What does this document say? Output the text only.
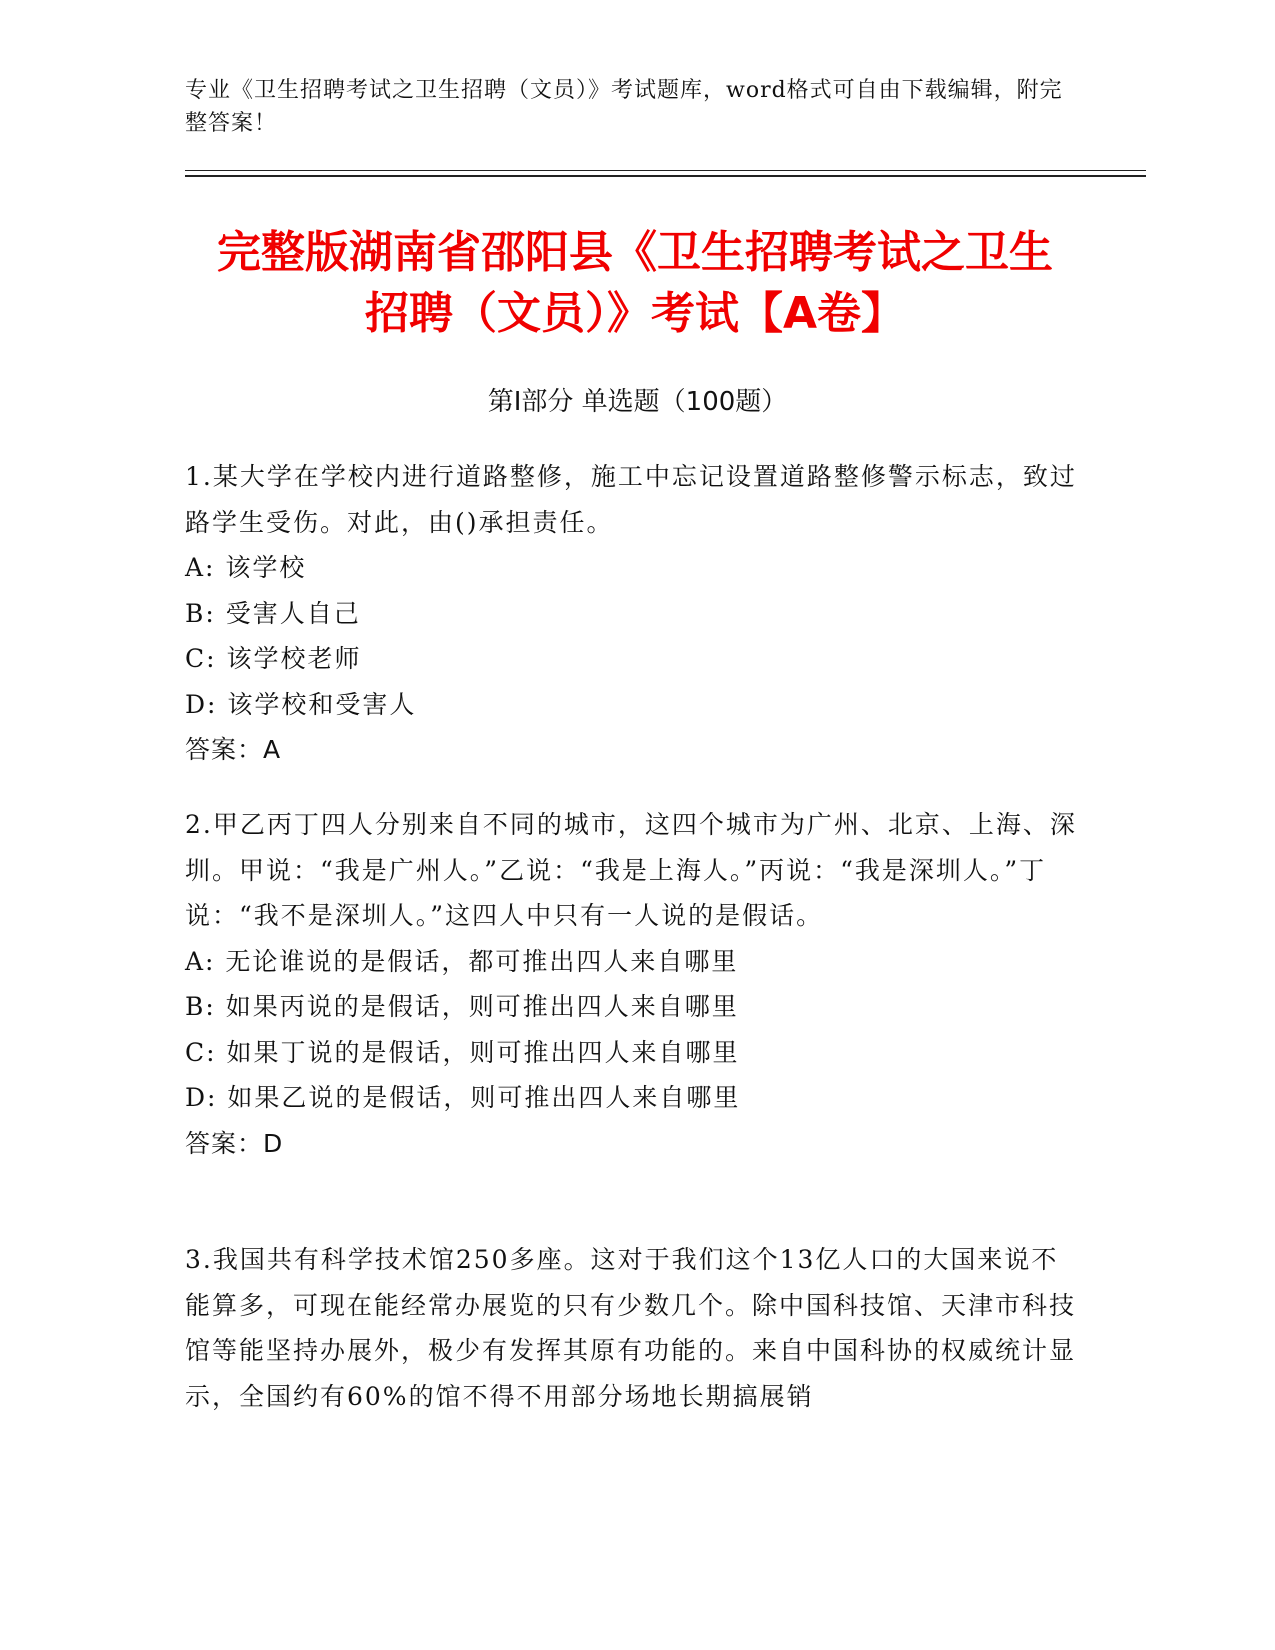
专业《卫生招聘考试之卫生招聘（文员）》考试题库，word格式可自由下载编辑，附完整答案！
完整版湖南省邵阳县《卫生招聘考试之卫生
招聘（文员）》考试【A卷】
第I部分 单选题（100题）

1.某大学在学校内进行道路整修，施工中忘记设置道路整修警示标志，致过路学生受伤。对此，由()承担责任。

A: 该学校

B: 受害人自己

C: 该学校老师

D: 该学校和受害人

答案：A

2.甲乙丙丁四人分别来自不同的城市，这四个城市为广州、北京、上海、深圳。甲说：“我是广州人。”乙说：“我是上海人。”丙说：“我是深圳人。”丁说：“我不是深圳人。”这四人中只有一人说的是假话。

A: 无论谁说的是假话，都可推出四人来自哪里

B: 如果丙说的是假话，则可推出四人来自哪里

C: 如果丁说的是假话，则可推出四人来自哪里

D: 如果乙说的是假话，则可推出四人来自哪里

答案：D

3.我国共有科学技术馆250多座。这对于我们这个13亿人口的大国来说不能算多，可现在能经常办展览的只有少数几个。除中国科技馆、天津市科技馆等能坚持办展外，极少有发挥其原有功能的。来自中国科协的权威统计显示，全国约有60%的馆不得不用部分场地长期搞展销
